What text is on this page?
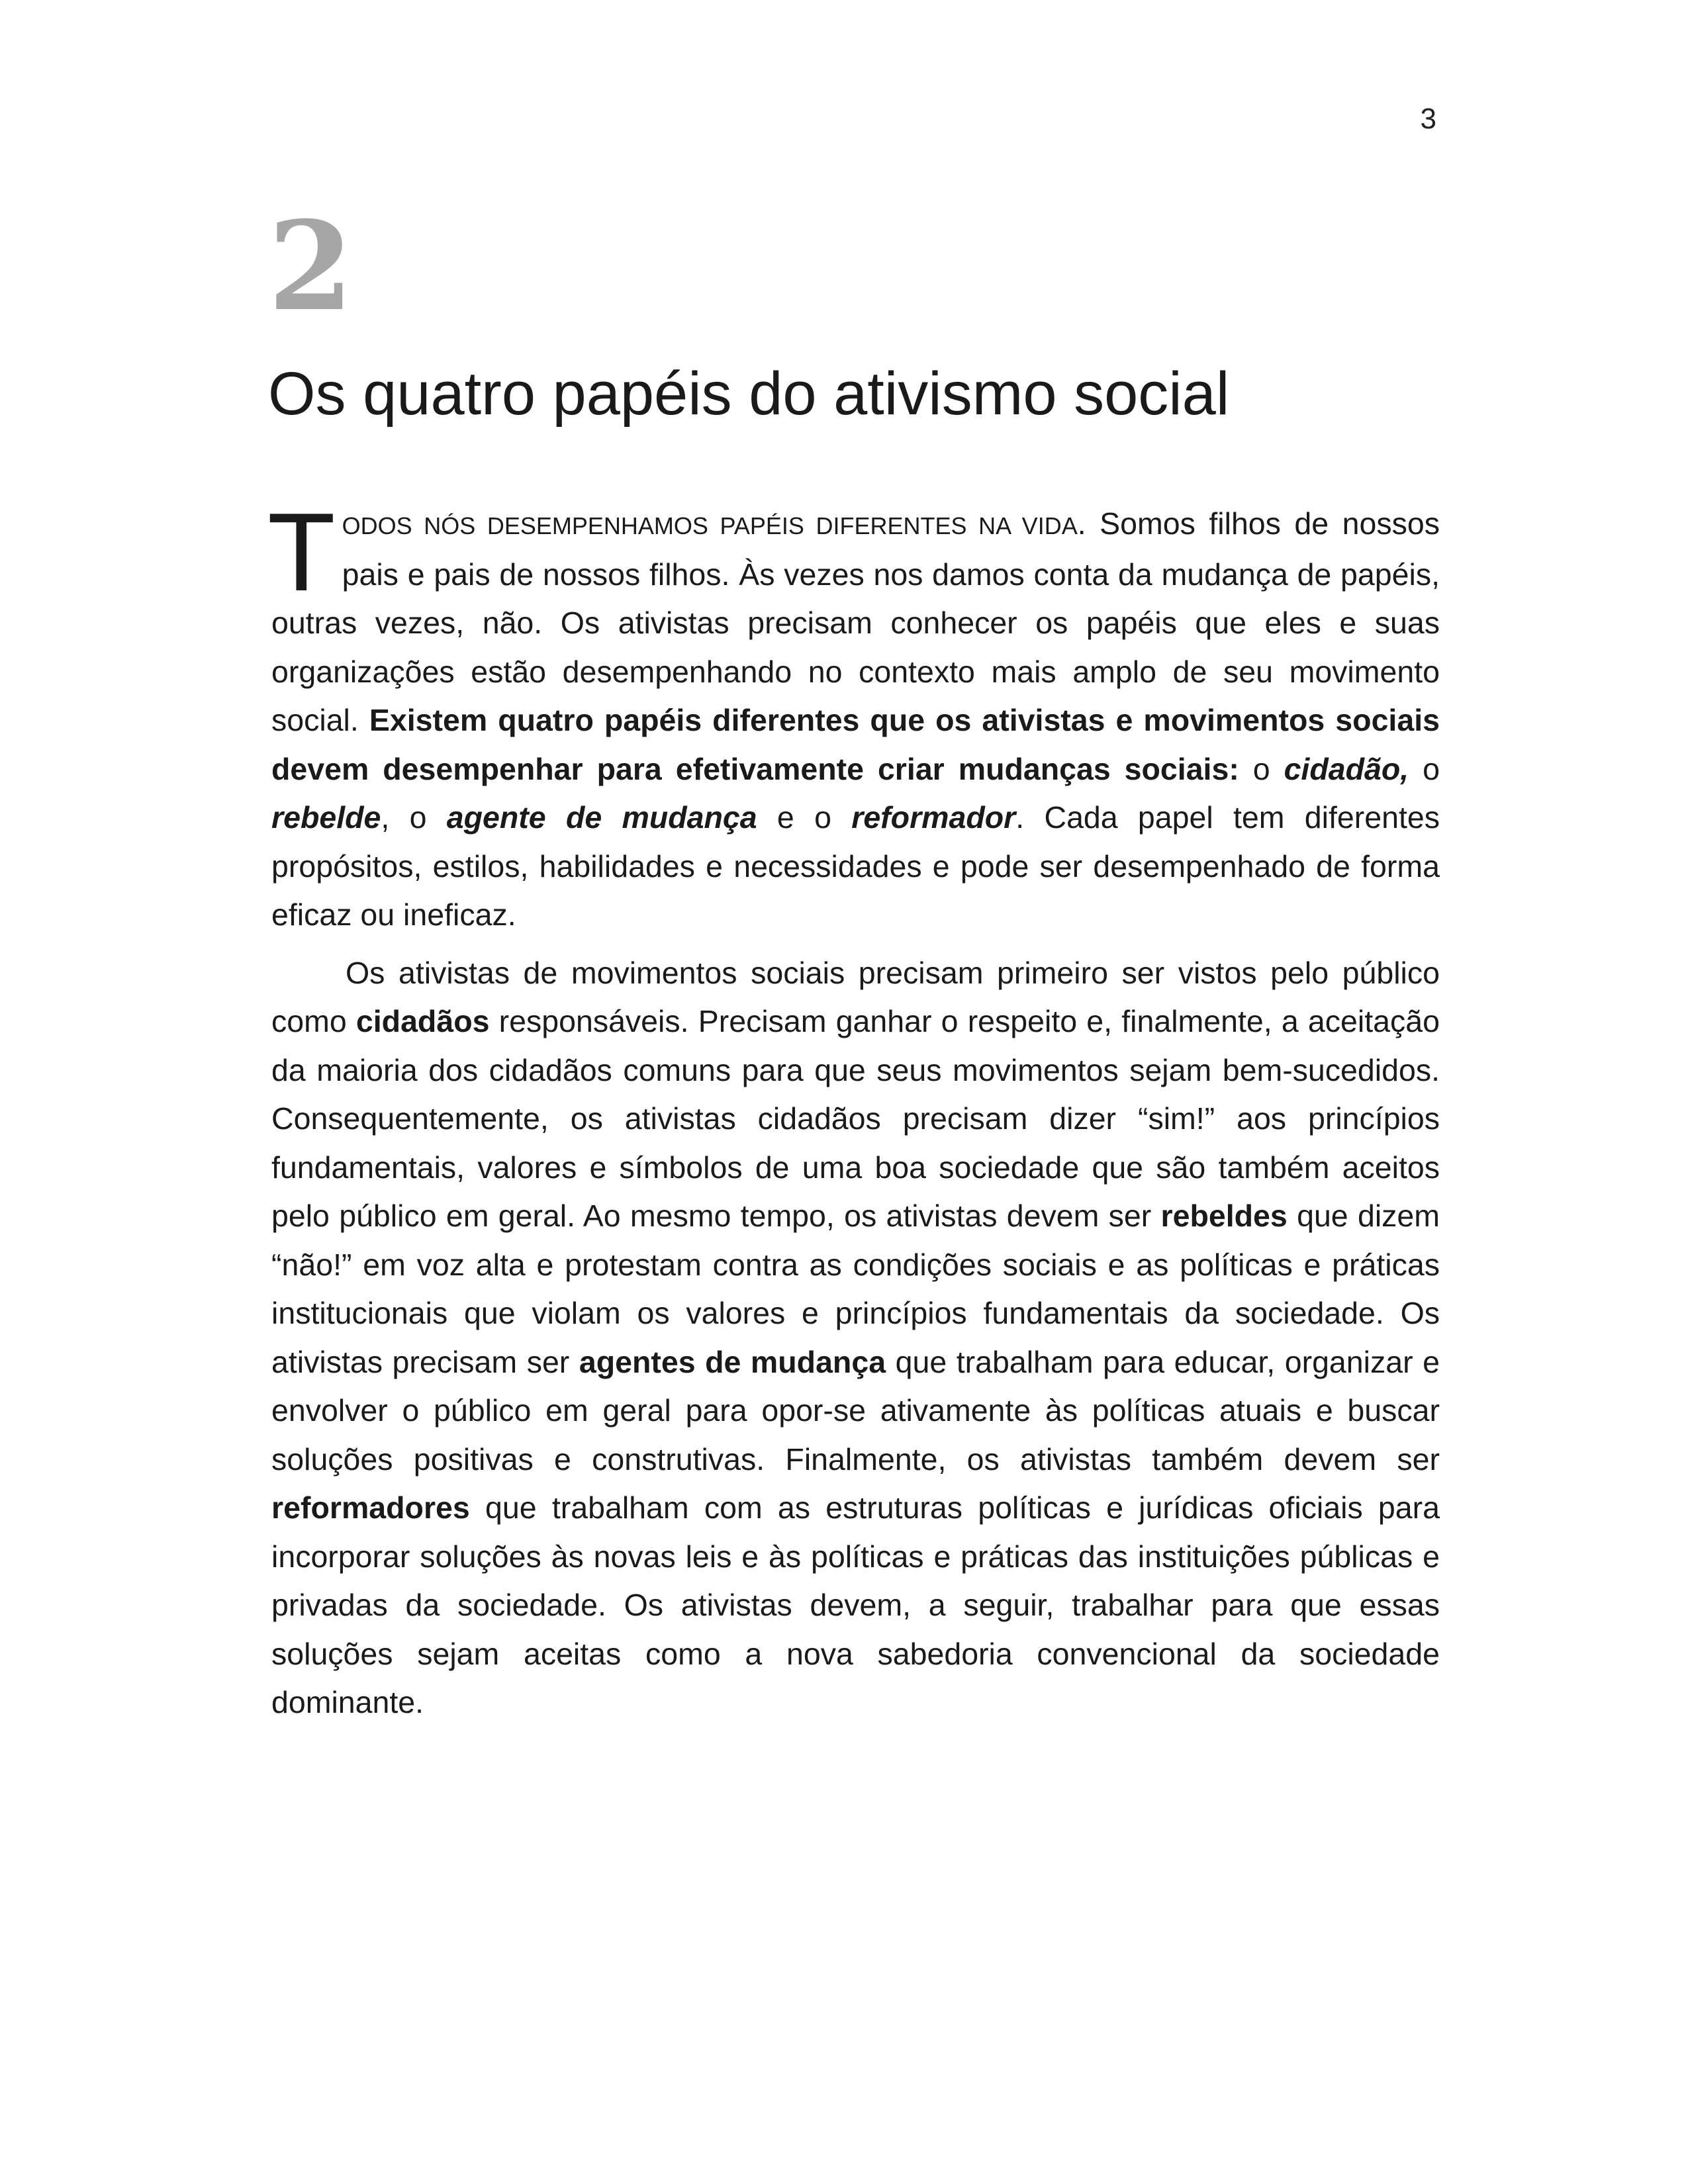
3
2
Os quatro papéis do ativismo social

TODOS NÓS DESEMPENHAMOS PAPÉIS DIFERENTES NA VIDA. Somos filhos de nossos pais e pais de nossos filhos. Às vezes nos damos conta da mudança de papéis, outras vezes, não. Os ativistas precisam conhecer os papéis que eles e suas organizações estão desempenhando no contexto mais amplo de seu movimento social. Existem quatro papéis diferentes que os ativistas e movimentos sociais devem desempenhar para efetivamente criar mudanças sociais: o cidadão, o rebelde, o agente de mudança e o reformador. Cada papel tem diferentes propósitos, estilos, habilidades e necessidades e pode ser desempenhado de forma eficaz ou ineficaz.

Os ativistas de movimentos sociais precisam primeiro ser vistos pelo público como cidadãos responsáveis. Precisam ganhar o respeito e, finalmente, a aceitação da maioria dos cidadãos comuns para que seus movimentos sejam bem-sucedidos. Consequentemente, os ativistas cidadãos precisam dizer “sim!” aos princípios fundamentais, valores e símbolos de uma boa sociedade que são também aceitos pelo público em geral. Ao mesmo tempo, os ativistas devem ser rebeldes que dizem “não!” em voz alta e protestam contra as condições sociais e as políticas e práticas institucionais que violam os valores e princípios fundamentais da sociedade. Os ativistas precisam ser agentes de mudança que trabalham para educar, organizar e envolver o público em geral para opor-se ativamente às políticas atuais e buscar soluções positivas e construtivas. Finalmente, os ativistas também devem ser reformadores que trabalham com as estruturas políticas e jurídicas oficiais para incorporar soluções às novas leis e às políticas e práticas das instituições públicas e privadas da sociedade. Os ativistas devem, a seguir, trabalhar para que essas soluções sejam aceitas como a nova sabedoria convencional da sociedade dominante.
